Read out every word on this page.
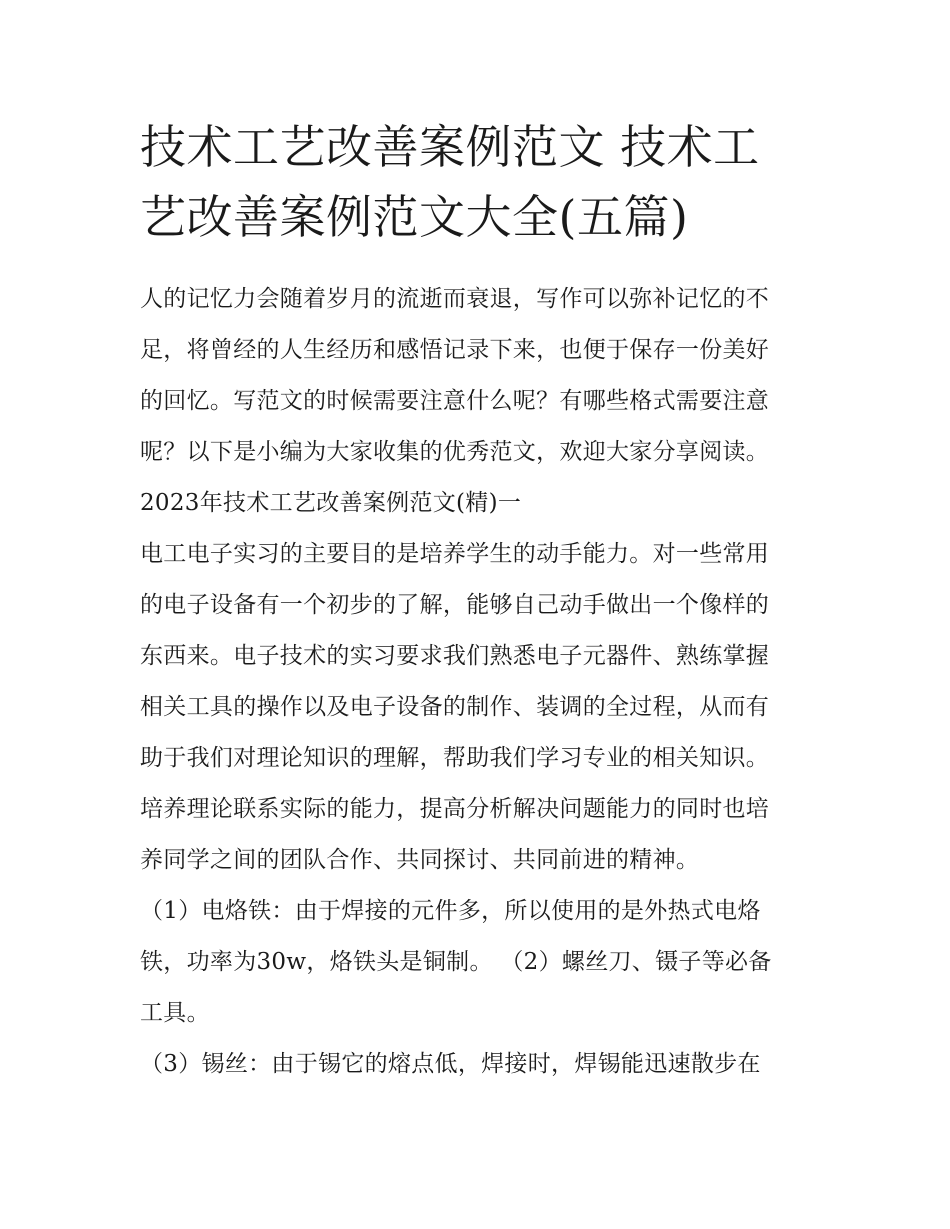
技术工艺改善案例范文 技术工
艺改善案例范文大全(五篇)
人的记忆力会随着岁月的流逝而衰退，写作可以弥补记忆的不
足，将曾经的人生经历和感悟记录下来，也便于保存一份美好
的回忆。写范文的时候需要注意什么呢？有哪些格式需要注意
呢？以下是小编为大家收集的优秀范文，欢迎大家分享阅读。
2023年技术工艺改善案例范文(精)一
电工电子实习的主要目的是培养学生的动手能力。对一些常用
的电子设备有一个初步的了解，能够自己动手做出一个像样的
东西来。电子技术的实习要求我们熟悉电子元器件、熟练掌握
相关工具的操作以及电子设备的制作、装调的全过程，从而有
助于我们对理论知识的理解，帮助我们学习专业的相关知识。
培养理论联系实际的能力，提高分析解决问题能力的同时也培
养同学之间的团队合作、共同探讨、共同前进的精神。
（1）电烙铁：由于焊接的元件多，所以使用的是外热式电烙
铁，功率为30w，烙铁头是铜制。 （2）螺丝刀、镊子等必备
工具。
（3）锡丝：由于锡它的熔点低，焊接时，焊锡能迅速散步在
